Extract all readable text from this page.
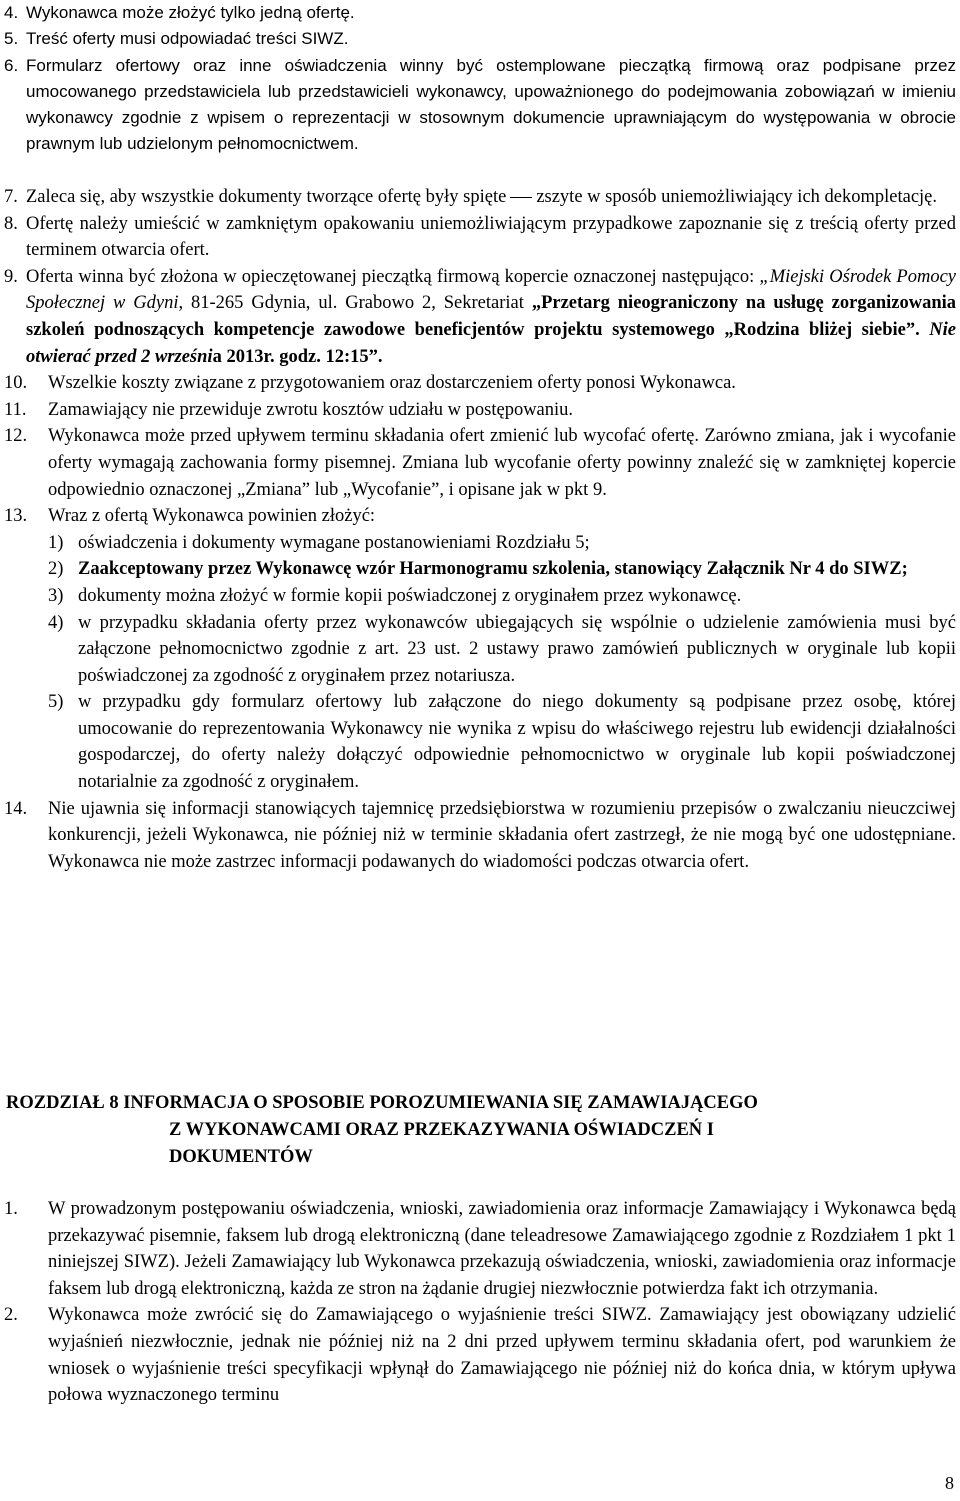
4. Wykonawca może złożyć tylko jedną ofertę.
5. Treść oferty musi odpowiadać treści SIWZ.
6. Formularz ofertowy oraz inne oświadczenia winny być ostemplowane pieczątką firmową oraz podpisane przez umocowanego przedstawiciela lub przedstawicieli wykonawcy, upoważnionego do podejmowania zobowiązań w imieniu wykonawcy zgodnie z wpisem o reprezentacji w stosownym dokumencie uprawniającym do występowania w obrocie prawnym lub udzielonym pełnomocnictwem.
7. Zaleca się, aby wszystkie dokumenty tworzące ofertę były spięte zszyte w sposób uniemożliwiający ich dekompletację.
8. Ofertę należy umieścić w zamkniętym opakowaniu uniemożliwiającym przypadkowe zapoznanie się z treścią oferty przed terminem otwarcia ofert.
9. Oferta winna być złożona w opieczętowanej pieczątką firmową kopercie oznaczonej następująco: „Miejski Ośrodek Pomocy Społecznej w Gdyni, 81-265 Gdynia, ul. Grabowo 2, Sekretariat „Przetarg nieograniczony na usługę zorganizowania szkoleń podnoszących kompetencje zawodowe beneficjentów projektu systemowego „Rodzina bliżej siebie”. Nie otwierać przed 2 września 2013r. godz. 12:15”.
10.	Wszelkie koszty związane z przygotowaniem oraz dostarczeniem oferty ponosi Wykonawca.
11.	Zamawiający nie przewiduje zwrotu kosztów udziału w postępowaniu.
12.	Wykonawca może przed upływem terminu składania ofert zmienić lub wycofać ofertę. Zarówno zmiana, jak i wycofanie oferty wymagają zachowania formy pisemnej. Zmiana lub wycofanie oferty powinny znaleźć się w zamkniętej kopercie odpowiednio oznaczonej „Zmiana” lub „Wycofanie”, i opisane jak w pkt 9.
13.	Wraz z ofertą Wykonawca powinien złożyć:
1) oświadczenia i dokumenty wymagane postanowieniami Rozdziału 5;
2) Zaakceptowany przez Wykonawcę wzór Harmonogramu szkolenia, stanowiący Załącznik Nr 4 do SIWZ;
3) dokumenty można złożyć w formie kopii poświadczonej z oryginałem przez wykonawcę.
4) w przypadku składania oferty przez wykonawców ubiegających się wspólnie o udzielenie zamówienia musi być załączone pełnomocnictwo zgodnie z art. 23 ust. 2 ustawy prawo zamówień publicznych w oryginale lub kopii poświadczonej za zgodność z oryginałem przez notariusza.
5) w przypadku gdy formularz ofertowy lub załączone do niego dokumenty są podpisane przez osobę, której umocowanie do reprezentowania Wykonawcy nie wynika z wpisu do właściwego rejestru lub ewidencji działalności gospodarczej, do oferty należy dołączyć odpowiednie pełnomocnictwo w oryginale lub kopii poświadczonej notarialnie za zgodność z oryginałem.
14.	Nie ujawnia się informacji stanowiących tajemnicę przedsiębiorstwa w rozumieniu przepisów o zwalczaniu nieuczciwej konkurencji, jeżeli Wykonawca, nie później niż w terminie składania ofert zastrzegł, że nie mogą być one udostępniane. Wykonawca nie może zastrzec informacji podawanych do wiadomości podczas otwarcia ofert.
ROZDZIAŁ 8 INFORMACJA O SPOSOBIE POROZUMIEWANIA SIĘ ZAMAWIAJĄCEGO
Z WYKONAWCAMI ORAZ PRZEKAZYWANIA OŚWIADCZEŃ I
DOKUMENTÓW
1.	W prowadzonym postępowaniu oświadczenia, wnioski, zawiadomienia oraz informacje Zamawiający i Wykonawca będą przekazywać pisemnie, faksem lub drogą elektroniczną (dane teleadresowe Zamawiającego zgodnie z Rozdziałem 1 pkt 1 niniejszej SIWZ). Jeżeli Zamawiający lub Wykonawca przekazują oświadczenia, wnioski, zawiadomienia oraz informacje faksem lub drogą elektroniczną, każda ze stron na żądanie drugiej niezwłocznie potwierdza fakt ich otrzymania.
2.	Wykonawca może zwrócić się do Zamawiającego o wyjaśnienie treści SIWZ. Zamawiający jest obowiązany udzielić wyjaśnień niezwłocznie, jednak nie później niż na 2 dni przed upływem terminu składania ofert, pod warunkiem że wniosek o wyjaśnienie treści specyfikacji wpłynął do Zamawiającego nie później niż do końca dnia, w którym upływa połowa wyznaczonego terminu
8
